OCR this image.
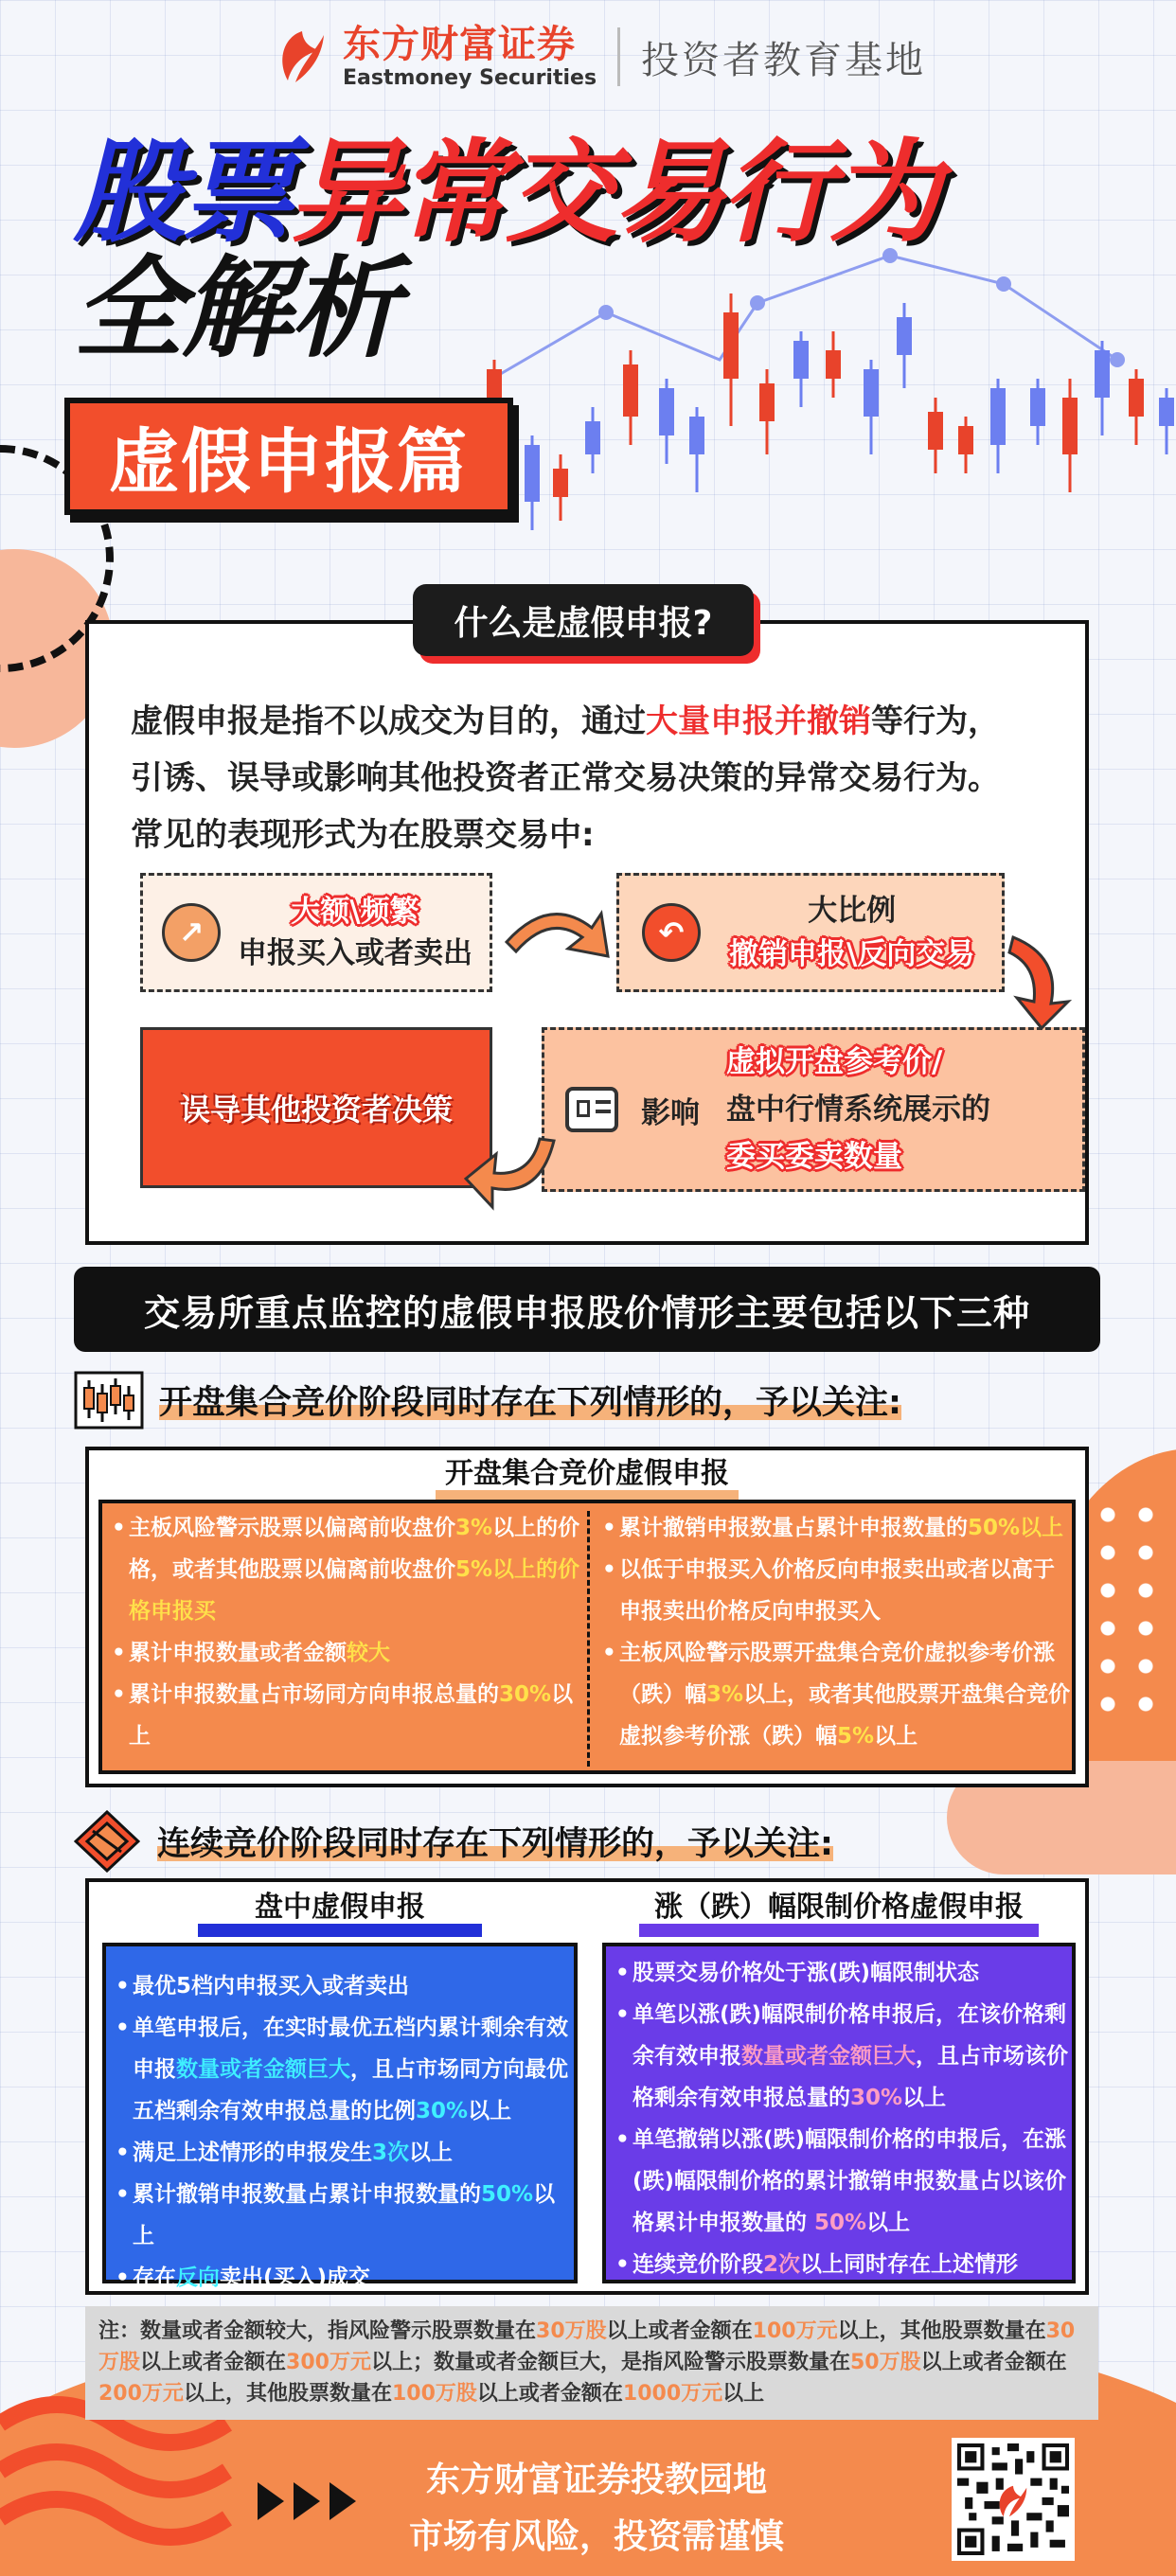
东方财富证券
Eastmoney Securities 投资者教育基地
股票异常交易行为
全解析
虚假申报篇
什么是虚假申报?
虚假申报是指不以成交为目的，通过大量申报并撤销等行为，
引诱、误导或影响其他投资者正常交易决策的异常交易行为。
常见的表现形式为在股票交易中:
↗
大额\频繁
申报买入或者卖出
↶
大比例
撤销申报\反向交易
误导其他投资者决策	影响
虚拟开盘参考价/
盘中行情系统展示的
委买委卖数量
交易所重点监控的虚假申报股价情形主要包括以下三种
开盘集合竞价阶段同时存在下列情形的，予以关注:
开盘集合竞价虚假申报
• 主板风险警示股票以偏离前收盘价3%以上的价
格，或者其他股票以偏离前收盘价5%以上的价
格申报买
• 累计申报数量或者金额较大
• 累计申报数量占市场同方向申报总量的30%以
上
• 累计撤销申报数量占累计申报数量的50%以上
• 以低于申报买入价格反向申报卖出或者以高于
申报卖出价格反向申报买入
• 主板风险警示股票开盘集合竞价虚拟参考价涨
（跌）幅3%以上，或者其他股票开盘集合竞价
虚拟参考价涨（跌）幅5%以上
连续竞价阶段同时存在下列情形的，予以关注:
盘中虚假申报	涨（跌）幅限制价格虚假申报
• 最优5档内申报买入或者卖出
• 单笔申报后，在实时最优五档内累计剩余有效
申报数量或者金额巨大，且占市场同方向最优
五档剩余有效申报总量的比例30%以上
• 满足上述情形的申报发生3次以上
• 累计撤销申报数量占累计申报数量的50%以上
• 存在反向卖出(买入)成交
• 股票交易价格处于涨(跌)幅限制状态
• 单笔以涨(跌)幅限制价格申报后，在该价格剩
余有效申报数量或者金额巨大，且占市场该价
格剩余有效申报总量的30%以上
• 单笔撤销以涨(跌)幅限制价格的申报后，在涨
(跌)幅限制价格的累计撤销申报数量占以该价
格累计申报数量的 50%以上
• 连续竞价阶段2次以上同时存在上述情形
注：数量或者金额较大，指风险警示股票数量在30万股以上或者金额在100万元以上，其他股票数量在30万股以上或者金额在300万元以上；数量或者金额巨大，是指风险警示股票数量在50万股以上或者金额在200万元以上，其他股票数量在100万股以上或者金额在1000万元以上
东方财富证券投教园地
市场有风险，投资需谨慎
